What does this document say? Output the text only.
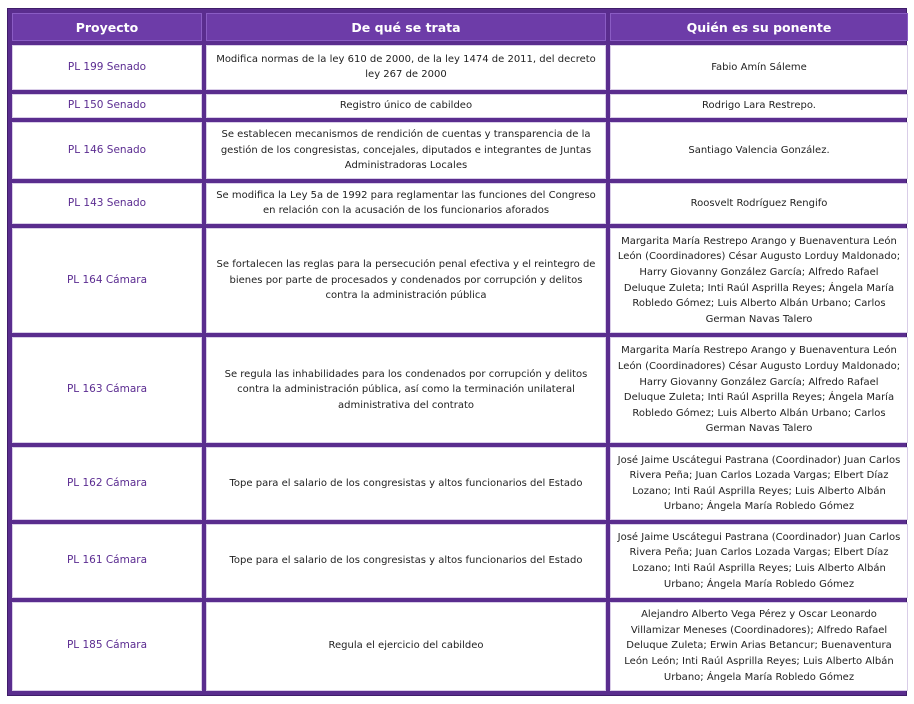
Proyecto	De qué se trata	Quién es su ponente
PL 199 Senado	Modifica normas de la ley 610 de 2000, de la ley 1474 de 2011, del decreto ley 267 de 2000	Fabio Amín Sáleme
PL 150 Senado	Registro único de cabildeo	Rodrigo Lara Restrepo.
PL 146 Senado	Se establecen mecanismos de rendición de cuentas y transparencia de la gestión de los congresistas, concejales, diputados e integrantes de Juntas Administradoras Locales	Santiago Valencia González.
PL 143 Senado	Se modifica la Ley 5a de 1992 para reglamentar las funciones del Congreso en relación con la acusación de los funcionarios aforados	Roosvelt Rodríguez Rengifo
PL 164 Cámara	Se fortalecen las reglas para la persecución penal efectiva y el reintegro de bienes por parte de procesados y condenados por corrupción y delitos contra la administración pública	Margarita María Restrepo Arango y Buenaventura León León (Coordinadores) César Augusto Lorduy Maldonado; Harry Giovanny González García; Alfredo Rafael Deluque Zuleta; Inti Raúl Asprilla Reyes; Ángela María Robledo Gómez; Luis Alberto Albán Urbano; Carlos German Navas Talero
PL 163 Cámara	Se regula las inhabilidades para los condenados por corrupción y delitos contra la administración pública, así como la terminación unilateral administrativa del contrato	Margarita María Restrepo Arango y Buenaventura León León (Coordinadores) César Augusto Lorduy Maldonado; Harry Giovanny González García; Alfredo Rafael Deluque Zuleta; Inti Raúl Asprilla Reyes; Ángela María Robledo Gómez; Luis Alberto Albán Urbano; Carlos German Navas Talero
PL 162 Cámara	Tope para el salario de los congresistas y altos funcionarios del Estado	José Jaime Uscátegui Pastrana (Coordinador) Juan Carlos Rivera Peña; Juan Carlos Lozada Vargas; Elbert Díaz Lozano; Inti Raúl Asprilla Reyes; Luis Alberto Albán Urbano; Ángela María Robledo Gómez
PL 161 Cámara	Tope para el salario de los congresistas y altos funcionarios del Estado	José Jaime Uscátegui Pastrana (Coordinador) Juan Carlos Rivera Peña; Juan Carlos Lozada Vargas; Elbert Díaz Lozano; Inti Raúl Asprilla Reyes; Luis Alberto Albán Urbano; Ángela María Robledo Gómez
PL 185 Cámara	Regula el ejercicio del cabildeo	Alejandro Alberto Vega Pérez y Oscar Leonardo Villamizar Meneses (Coordinadores); Alfredo Rafael Deluque Zuleta; Erwin Arias Betancur; Buenaventura León León; Inti Raúl Asprilla Reyes; Luis Alberto Albán Urbano; Ángela María Robledo Gómez
